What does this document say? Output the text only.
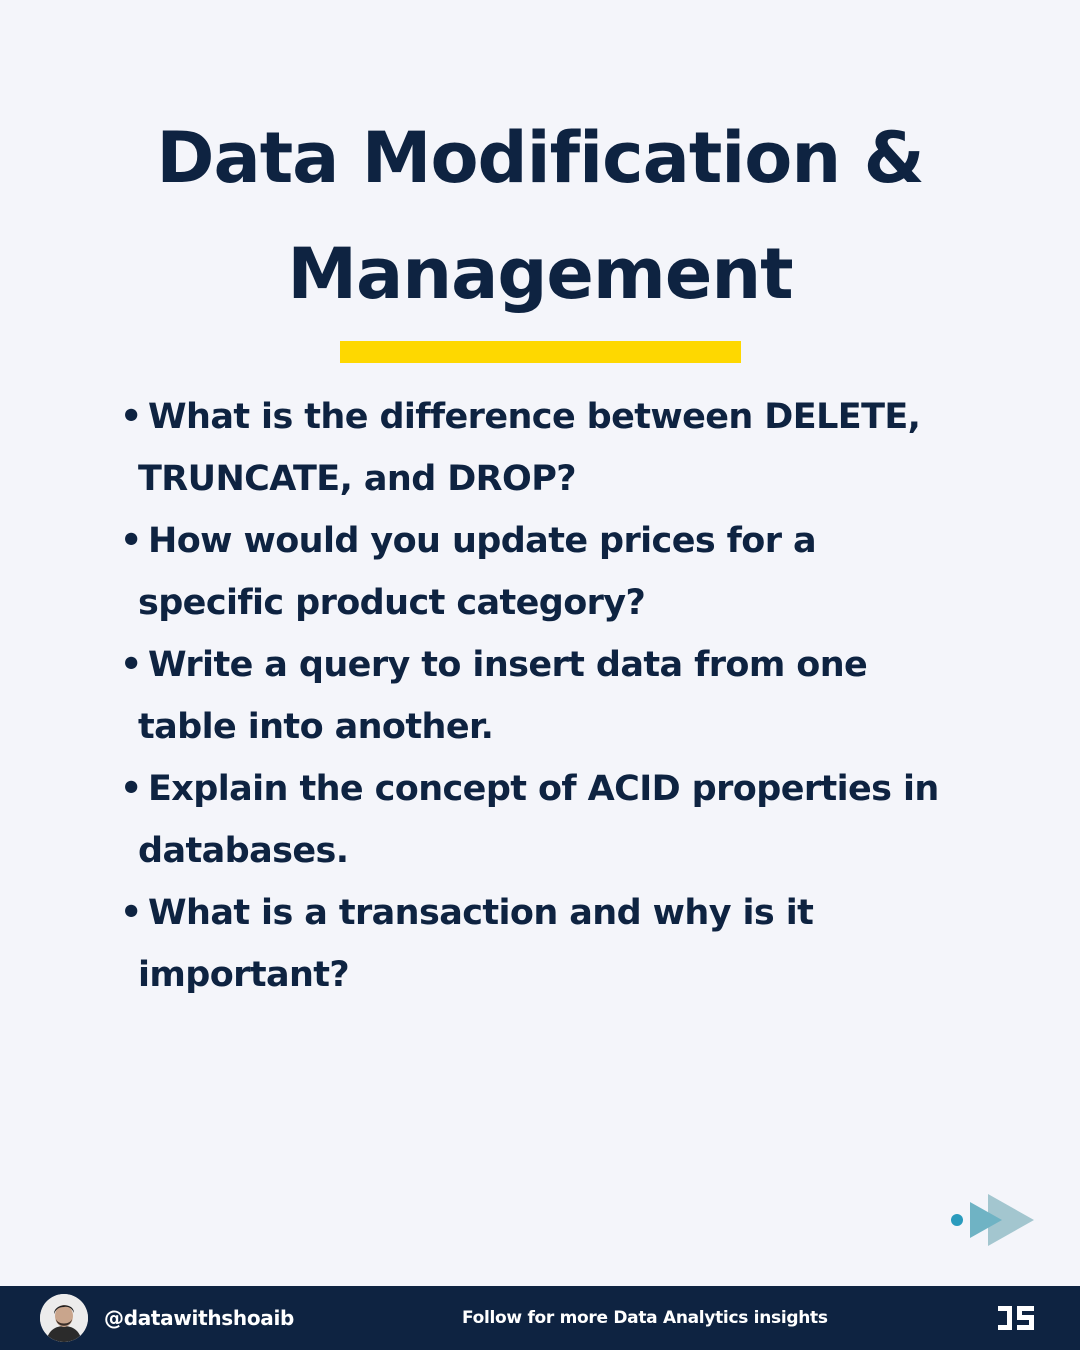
Data Modification &
Management
• What is the difference between DELETE,
TRUNCATE, and DROP?
• How would you update prices for a
specific product category?
• Write a query to insert data from one
table into another.
• Explain the concept of ACID properties in
databases.
• What is a transaction and why is it
important?
@datawithshoaib	Follow for more Data Analytics insights
